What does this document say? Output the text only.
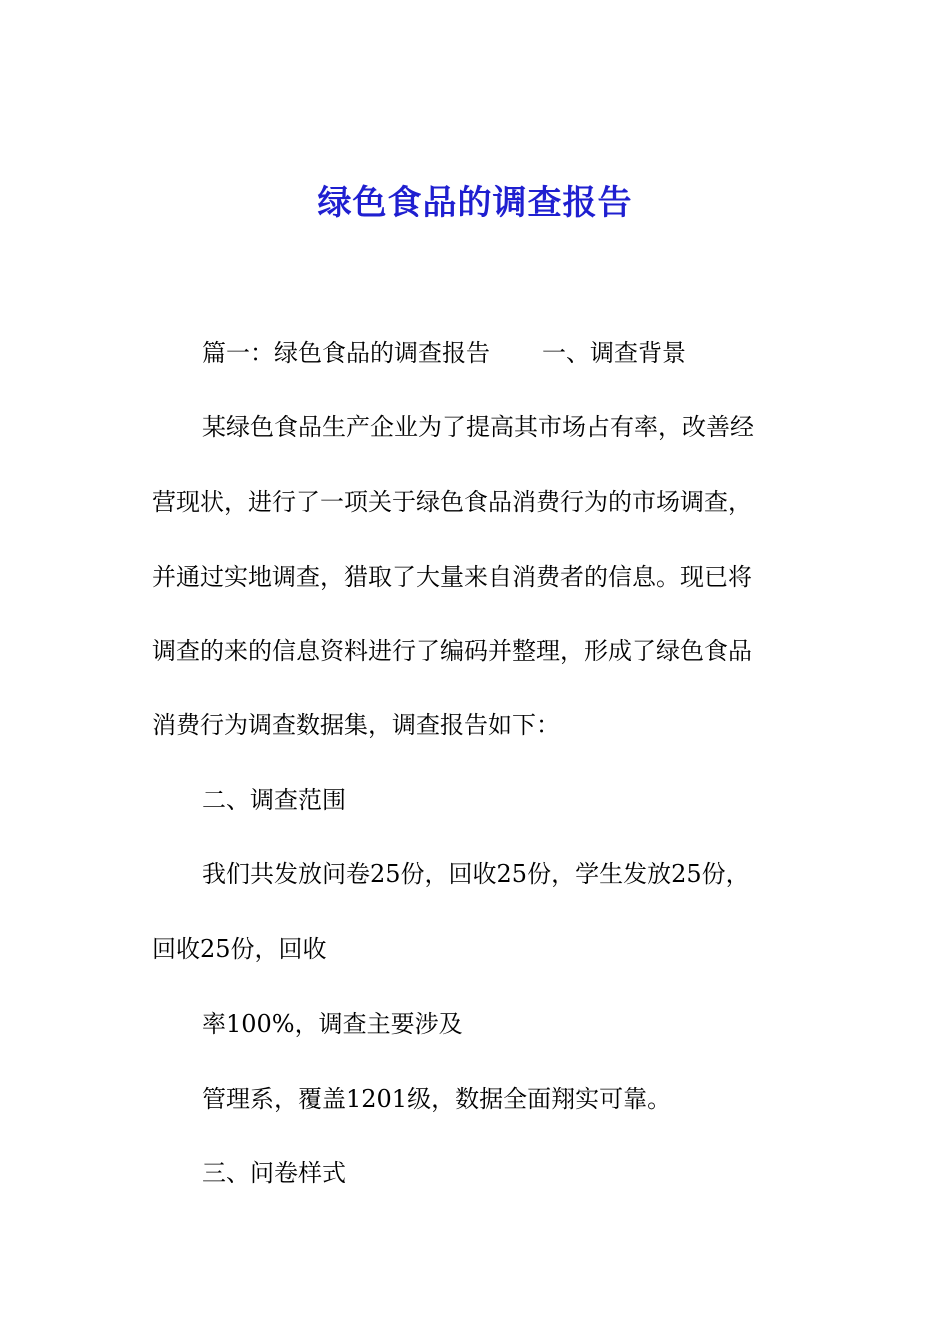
绿色食品的调查报告
篇一：绿色食品的调查报告 一、调查背景
某绿色食品生产企业为了提高其市场占有率，改善经
营现状，进行了一项关于绿色食品消费行为的市场调查，
并通过实地调查，猎取了大量来自消费者的信息。现已将
调查的来的信息资料进行了编码并整理，形成了绿色食品
消费行为调查数据集，调查报告如下：
二、调查范围
我们共发放问卷25份，回收25份，学生发放25份，
回收25份，回收
率100%，调查主要涉及
管理系，覆盖1201级，数据全面翔实可靠。
三、问卷样式
